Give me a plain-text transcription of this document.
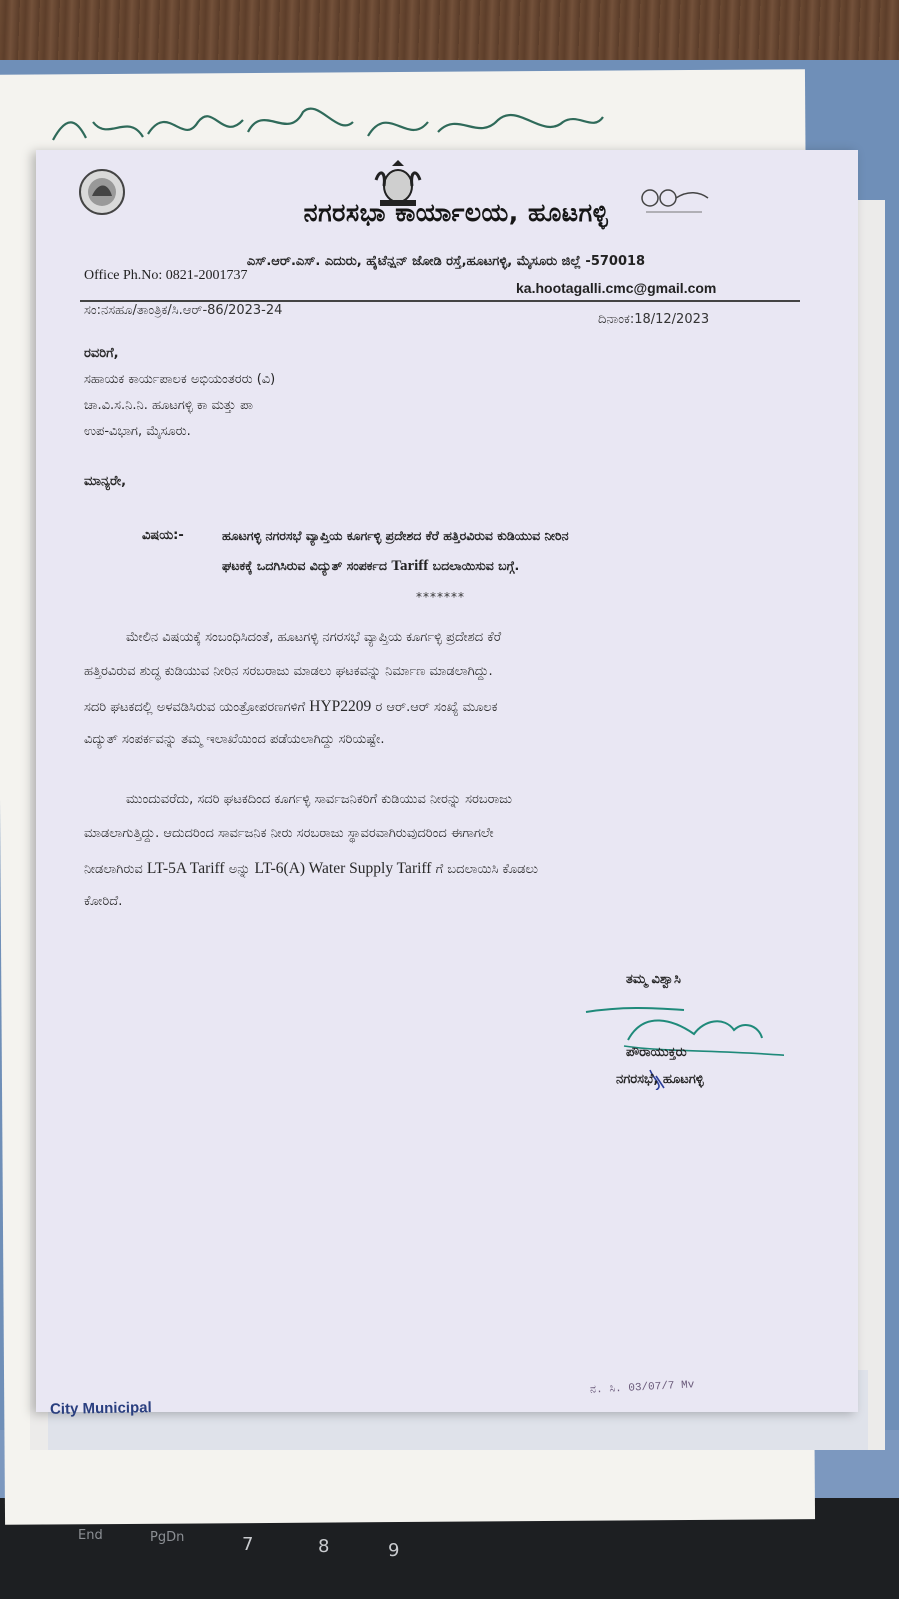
End	PgDn	7	8	9
ನಗರಸಭಾ ಕಾರ್ಯಾಲಯ, ಹೂಟಗಳ್ಳಿ
ಎಸ್.ಆರ್.ಎಸ್. ಎದುರು, ಹೈಟೆನ್ಷನ್ ಜೋಡಿ ರಸ್ತೆ,ಹೂಟಗಳ್ಳಿ, ಮೈಸೂರು ಜಿಲ್ಲೆ -570018
Office Ph.No: 0821-2001737
ka.hootagalli.cmc@gmail.com
ಸಂ:ನಸಹೂ/ತಾಂತ್ರಿಕ/ಸಿ.ಆರ್-86/2023-24
ದಿನಾಂಕ:18/12/2023
ರವರಿಗೆ,
ಸಹಾಯಕ ಕಾರ್ಯಪಾಲಕ ಅಭಿಯಂತರರು (ವಿ)
ಚಾ.ವಿ.ಸ.ನಿ.ನಿ. ಹೂಟಗಳ್ಳಿ ಕಾ ಮತ್ತು ಪಾ
ಉಪ-ವಿಭಾಗ, ಮೈಸೂರು.
ಮಾನ್ಯರೇ,
ವಿಷಯ:-	ಹೂಟಗಳ್ಳಿ ನಗರಸಭೆ ವ್ಯಾಪ್ತಿಯ ಕೂರ್ಗಳ್ಳಿ ಪ್ರದೇಶದ ಕೆರೆ ಹತ್ತಿರವಿರುವ ಕುಡಿಯುವ ನೀರಿನ
ಘಟಕಕ್ಕೆ ಒದಗಿಸಿರುವ ವಿದ್ಯುತ್ ಸಂಪರ್ಕದ Tariff ಬದಲಾಯಿಸುವ ಬಗ್ಗೆ.
*******
ಮೇಲಿನ ವಿಷಯಕ್ಕೆ ಸಂಬಂಧಿಸಿದಂತೆ, ಹೂಟಗಳ್ಳಿ ನಗರಸಭೆ ವ್ಯಾಪ್ತಿಯ ಕೂರ್ಗಳ್ಳಿ ಪ್ರದೇಶದ ಕೆರೆ
ಹತ್ತಿರವಿರುವ ಶುದ್ಧ ಕುಡಿಯುವ ನೀರಿನ ಸರಬರಾಜು ಮಾಡಲು ಘಟಕವನ್ನು ನಿರ್ಮಾಣ ಮಾಡಲಾಗಿದ್ದು.
ಸದರಿ ಘಟಕದಲ್ಲಿ ಅಳವಡಿಸಿರುವ ಯಂತ್ರೋಪರಣಗಳಿಗೆ HYP2209 ರ ಆರ್.ಆರ್ ಸಂಖ್ಯೆ ಮೂಲಕ
ವಿದ್ಯುತ್ ಸಂಪರ್ಕವನ್ನು ತಮ್ಮ ಇಲಾಖೆಯಿಂದ ಪಡೆಯಲಾಗಿದ್ದು ಸರಿಯಷ್ಟೇ.
ಮುಂದುವರೆದು, ಸದರಿ ಘಟಕದಿಂದ ಕೂರ್ಗಳ್ಳಿ ಸಾರ್ವಜನಿಕರಿಗೆ ಕುಡಿಯುವ ನೀರನ್ನು ಸರಬರಾಜು
ಮಾಡಲಾಗುತ್ತಿದ್ದು. ಆದುದರಿಂದ ಸಾರ್ವಜನಿಕ ನೀರು ಸರಬರಾಜು ಸ್ಥಾವರವಾಗಿರುವುದರಿಂದ ಈಗಾಗಲೇ
ನೀಡಲಾಗಿರುವ LT-5A Tariff ಅನ್ನು LT-6(A) Water Supply Tariff ಗೆ ಬದಲಾಯಿಸಿ ಕೊಡಲು
ಕೋರಿದೆ.
ತಮ್ಮ ವಿಶ್ವಾಸಿ
ಪೌರಾಯುಕ್ತರು
ನಗರಸಭೆ, ಹೂಟಗಳ್ಳಿ
City Municipal
ನ. ಸಿ. 03/07/7 Mv
